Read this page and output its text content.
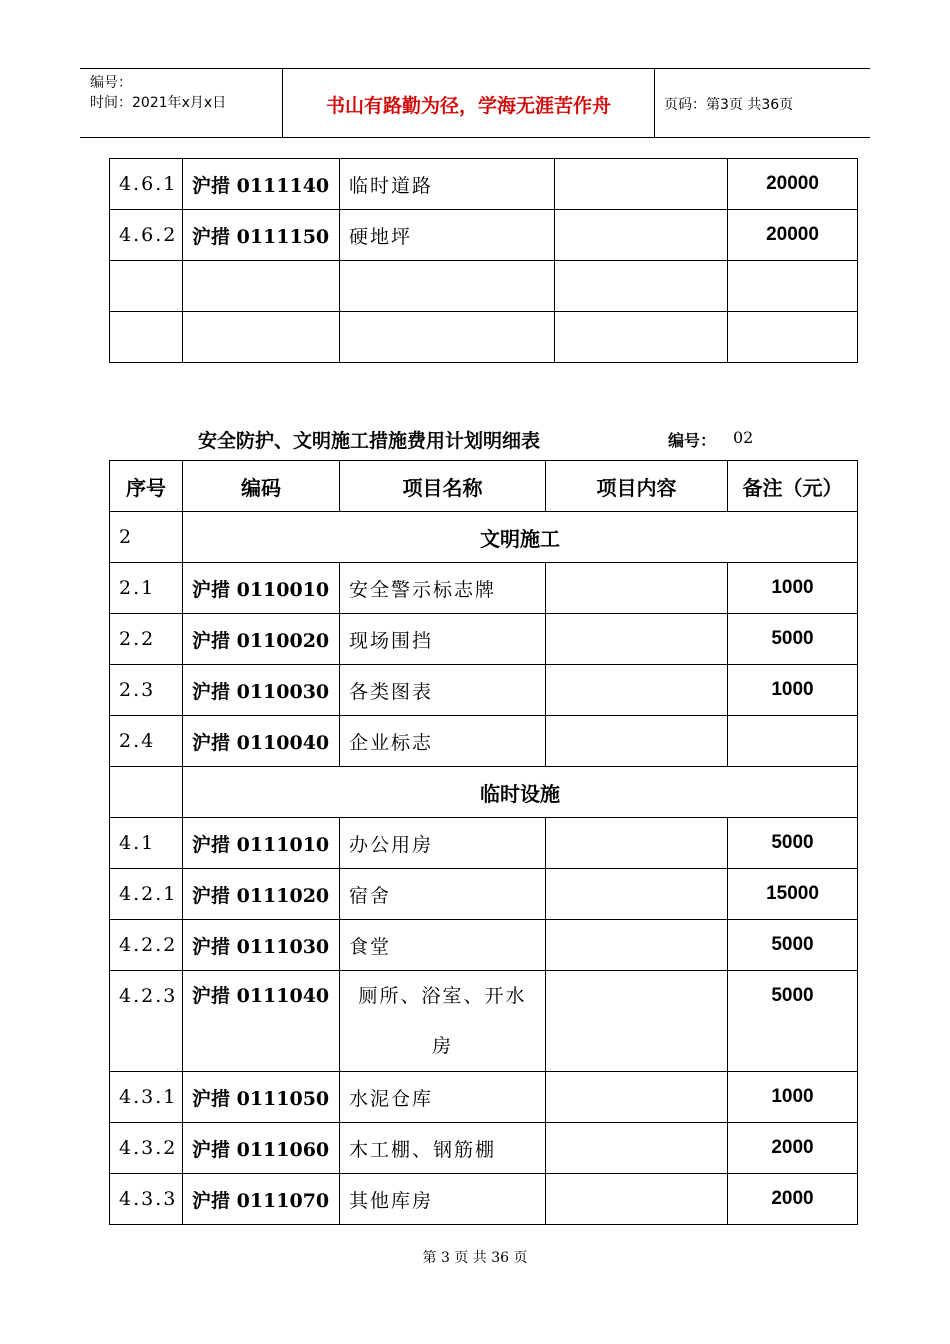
编号：
时间：2021年x月x日	书山有路勤为径，学海无涯苦作舟	页码：第3页 共36页
4.6.1	沪措 0111140	临时道路		20000
4.6.2	沪措 0111150	硬地坪		20000

安全防护、文明施工措施费用计划明细表	编号： 02
序号	编码	项目名称	项目内容	备注（元）
2	文明施工			
2.1	沪措 0110010	安全警示标志牌		1000
2.2	沪措 0110020	现场围挡		5000
2.3	沪措 0110030	各类图表		1000
2.4	沪措 0110040	企业标志		
	临时设施			
4.1	沪措 0111010	办公用房		5000
4.2.1	沪措 0111020	宿舍		15000
4.2.2	沪措 0111030	食堂		5000
4.2.3	沪措 0111040	厕所、浴室、开水
房		5000
4.3.1	沪措 0111050	水泥仓库		1000
4.3.2	沪措 0111060	木工棚、钢筋棚		2000
4.3.3	沪措 0111070	其他库房		2000
第 3 页 共 36 页
